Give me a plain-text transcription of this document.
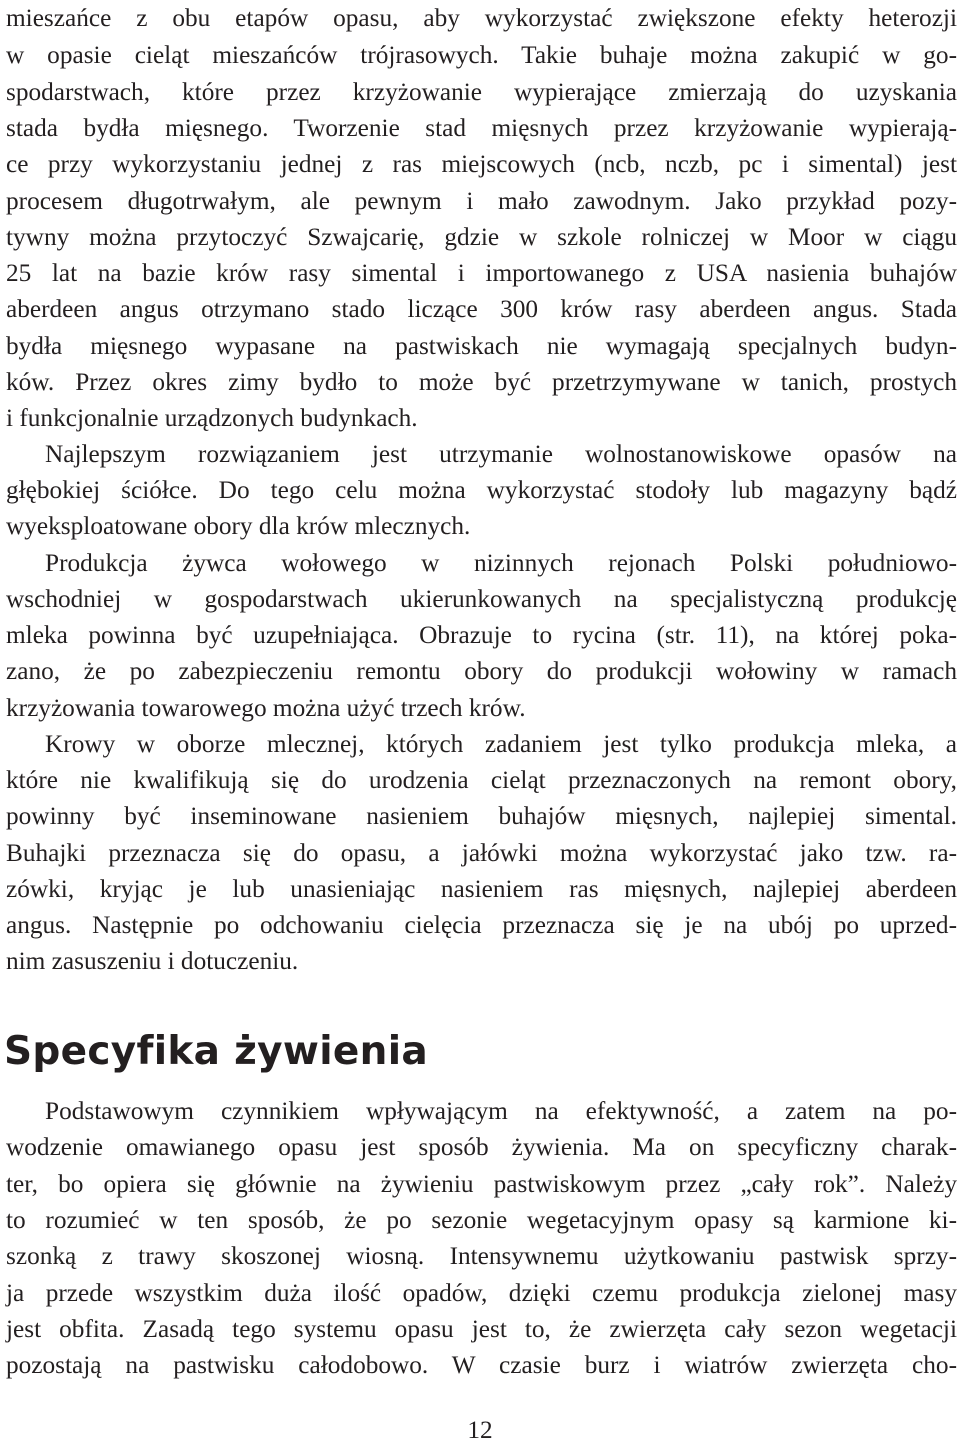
mieszańce z obu etapów opasu, aby wykorzystać zwiększone efekty heterozji
w opasie cieląt mieszańców trójrasowych. Takie buhaje można zakupić w go-
spodarstwach, które przez krzyżowanie wypierające zmierzają do uzyskania
stada bydła mięsnego. Tworzenie stad mięsnych przez krzyżowanie wypierają-
ce przy wykorzystaniu jednej z ras miejscowych (ncb, nczb, pc i simental) jest
procesem długotrwałym, ale pewnym i mało zawodnym. Jako przykład pozy-
tywny można przytoczyć Szwajcarię, gdzie w szkole rolniczej w Moor w ciągu
25 lat na bazie krów rasy simental i importowanego z USA nasienia buhajów
aberdeen angus otrzymano stado liczące 300 krów rasy aberdeen angus. Stada
bydła mięsnego wypasane na pastwiskach nie wymagają specjalnych budyn-
ków. Przez okres zimy bydło to może być przetrzymywane w tanich, prostych
i funkcjonalnie urządzonych budynkach.
Najlepszym rozwiązaniem jest utrzymanie wolnostanowiskowe opasów na
głębokiej ściółce. Do tego celu można wykorzystać stodoły lub magazyny bądź
wyeksploatowane obory dla krów mlecznych.
Produkcja żywca wołowego w nizinnych rejonach Polski południowo-
wschodniej w gospodarstwach ukierunkowanych na specjalistyczną produkcję
mleka powinna być uzupełniająca. Obrazuje to rycina (str. 11), na której poka-
zano, że po zabezpieczeniu remontu obory do produkcji wołowiny w ramach
krzyżowania towarowego można użyć trzech krów.
Krowy w oborze mlecznej, których zadaniem jest tylko produkcja mleka, a
które nie kwalifikują się do urodzenia cieląt przeznaczonych na remont obory,
powinny być inseminowane nasieniem buhajów mięsnych, najlepiej simental.
Buhajki przeznacza się do opasu, a jałówki można wykorzystać jako tzw. ra-
zówki, kryjąc je lub unasieniając nasieniem ras mięsnych, najlepiej aberdeen
angus. Następnie po odchowaniu cielęcia przeznacza się je na ubój po uprzed-
nim zasuszeniu i dotuczeniu.
Specyfika żywienia
Podstawowym czynnikiem wpływającym na efektywność, a zatem na po-
wodzenie omawianego opasu jest sposób żywienia. Ma on specyficzny charak-
ter, bo opiera się głównie na żywieniu pastwiskowym przez „cały rok”. Należy
to rozumieć w ten sposób, że po sezonie wegetacyjnym opasy są karmione ki-
szonką z trawy skoszonej wiosną. Intensywnemu użytkowaniu pastwisk sprzy-
ja przede wszystkim duża ilość opadów, dzięki czemu produkcja zielonej masy
jest obfita. Zasadą tego systemu opasu jest to, że zwierzęta cały sezon wegetacji
pozostają na pastwisku całodobowo. W czasie burz i wiatrów zwierzęta cho-
12
